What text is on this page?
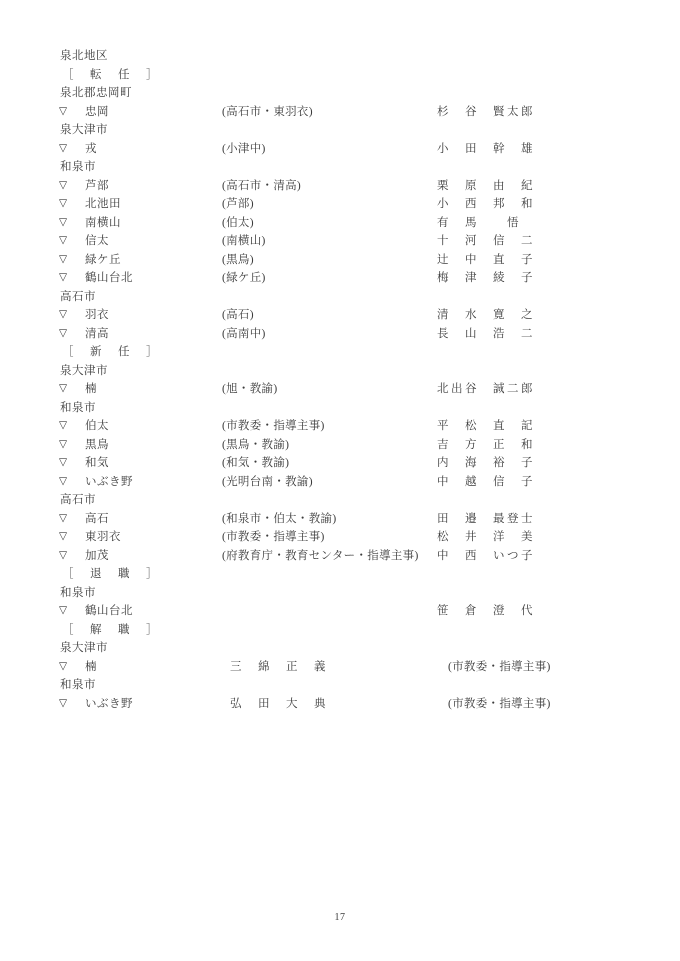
泉北地区
［　転　任　］
泉北郡忠岡町
▽ 忠岡	(高石市・東羽衣)	杉　谷　賢太郎
泉大津市
▽ 戎	(小津中)	小　田　幹　雄
和泉市
▽ 芦部	(高石市・清高)	栗　原　由　紀
▽ 北池田	(芦部)	小　西　邦　和
▽ 南横山	(伯太)	有　馬　　悟
▽ 信太	(南横山)	十　河　信　二
▽ 緑ケ丘	(黒鳥)	辻　中　直　子
▽ 鶴山台北	(緑ケ丘)	梅　津　綾　子
高石市
▽ 羽衣	(高石)	清　水　寛　之
▽ 清高	(高南中)	長　山　浩　二
［　新　任　］
泉大津市
▽ 楠	(旭・教諭)	北出谷　誠二郎
和泉市
▽ 伯太	(市教委・指導主事)	平　松　直　記
▽ 黒鳥	(黒鳥・教諭)	吉　方　正　和
▽ 和気	(和気・教諭)	内　海　裕　子
▽ いぶき野	(光明台南・教諭)	中　越　信　子
高石市
▽ 高石	(和泉市・伯太・教諭)	田　邉　最登士
▽ 東羽衣	(市教委・指導主事)	松　井　洋　美
▽ 加茂	(府教育庁・教育センター・指導主事) 中　西　いつ子
［　退　職　］
和泉市
▽ 鶴山台北	笹　倉　澄　代
［　解　職　］
泉大津市
▽ 楠	三　綿　正　義	(市教委・指導主事)
和泉市
▽ いぶき野	弘　田　大　典	(市教委・指導主事)
17
